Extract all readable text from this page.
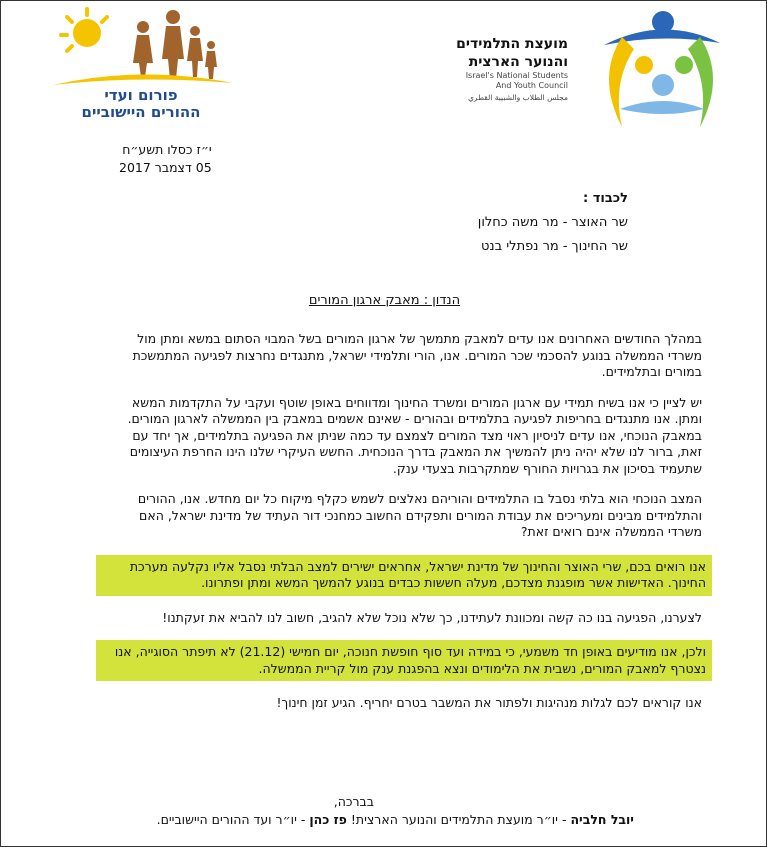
מועצת התלמידים
והנוער הארצית
Israel's National Students
And Youth Council
مجلس الطلاب والشبيبة القطري
פורום ועדי
ההורים היישוביים
י״ז כסלו תשע״ח
05 דצמבר 2017
לכבוד :
שר האוצר - מר משה כחלון
שר החינוך - מר נפתלי בנט
הנדון : מאבק ארגון המורים

במהלך החודשים האחרונים אנו עדים למאבק מתמשך של ארגון המורים בשל המבוי הסתום במשא ומתן מול משרדי הממשלה בנוגע להסכמי שכר המורים. אנו, הורי ותלמידי ישראל, מתנגדים נחרצות לפגיעה המתמשכת במורים ובתלמידים.

יש לציין כי אנו בשיח תמידי עם ארגון המורים ומשרד החינוך ומדווחים באופן שוטף ועקבי על התקדמות המשא ומתן. אנו מתנגדים בחריפות לפגיעה בתלמידים ובהורים - שאינם אשמים במאבק בין הממשלה לארגון המורים. במאבק הנוכחי, אנו עדים לניסיון ראוי מצד המורים לצמצם עד כמה שניתן את הפגיעה בתלמידים, אך יחד עם זאת, ברור לנו שלא יהיה ניתן להמשיך את המאבק בדרך הנוכחית. החשש העיקרי שלנו הינו החרפת העיצומים שתעמיד בסיכון את בגרויות החורף שמתקרבות בצעדי ענק.

המצב הנוכחי הוא בלתי נסבל בו התלמידים והוריהם נאלצים לשמש כקלף מיקוח כל יום מחדש. אנו, ההורים והתלמידים מבינים ומעריכים את עבודת המורים ותפקידם החשוב כמחנכי דור העתיד של מדינת ישראל, האם משרדי הממשלה אינם רואים זאת?

אנו רואים בכם, שרי האוצר והחינוך של מדינת ישראל, אחראים ישירים למצב הבלתי נסבל אליו נקלעה מערכת החינוך. האדישות אשר מופגנת מצדכם, מעלה חששות כבדים בנוגע להמשך המשא ומתן ופתרונו.

לצערנו, הפגיעה בנו כה קשה ומכוונת לעתידנו, כך שלא נוכל שלא להגיב, חשוב לנו להביא את זעקתנו!

ולכן, אנו מודיעים באופן חד משמעי, כי במידה ועד סוף חופשת חנוכה, יום חמישי (21.12) לא תיפתר הסוגייה, אנו נצטרף למאבק המורים, נשבית את הלימודים ונצא בהפגנת ענק מול קריית הממשלה.

אנו קוראים לכם לגלות מנהיגות ולפתור את המשבר בטרם יחריף. הגיע זמן חינוך!

בברכה,
יובל חלביה - יו״ר מועצת התלמידים והנוער הארצית! פז כהן - יו״ר ועד ההורים היישוביים.
